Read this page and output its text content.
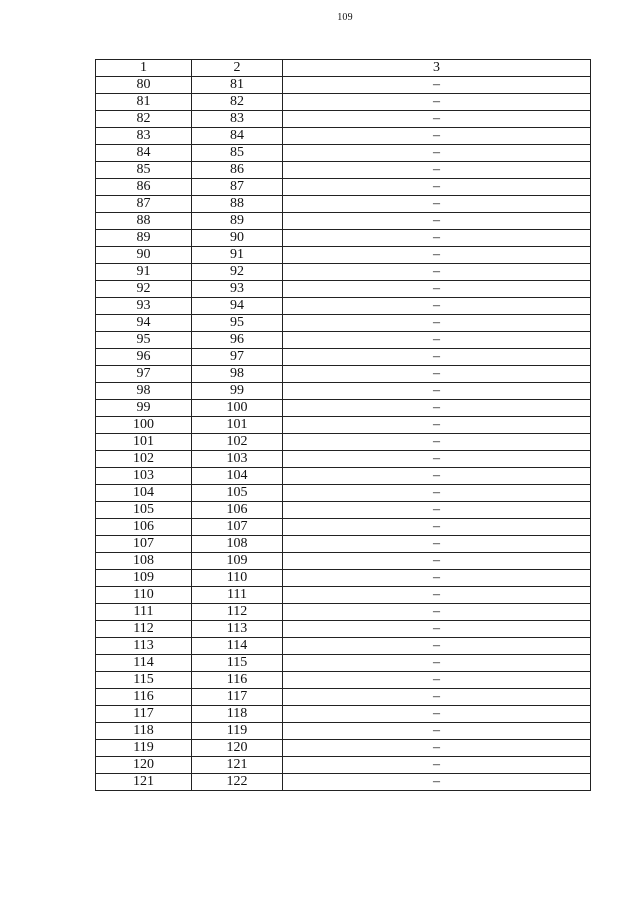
109
1	2	3
80	81	–
81	82	–
82	83	–
83	84	–
84	85	–
85	86	–
86	87	–
87	88	–
88	89	–
89	90	–
90	91	–
91	92	–
92	93	–
93	94	–
94	95	–
95	96	–
96	97	–
97	98	–
98	99	–
99	100	–
100	101	–
101	102	–
102	103	–
103	104	–
104	105	–
105	106	–
106	107	–
107	108	–
108	109	–
109	110	–
110	111	–
111	112	–
112	113	–
113	114	–
114	115	–
115	116	–
116	117	–
117	118	–
118	119	–
119	120	–
120	121	–
121	122	–
